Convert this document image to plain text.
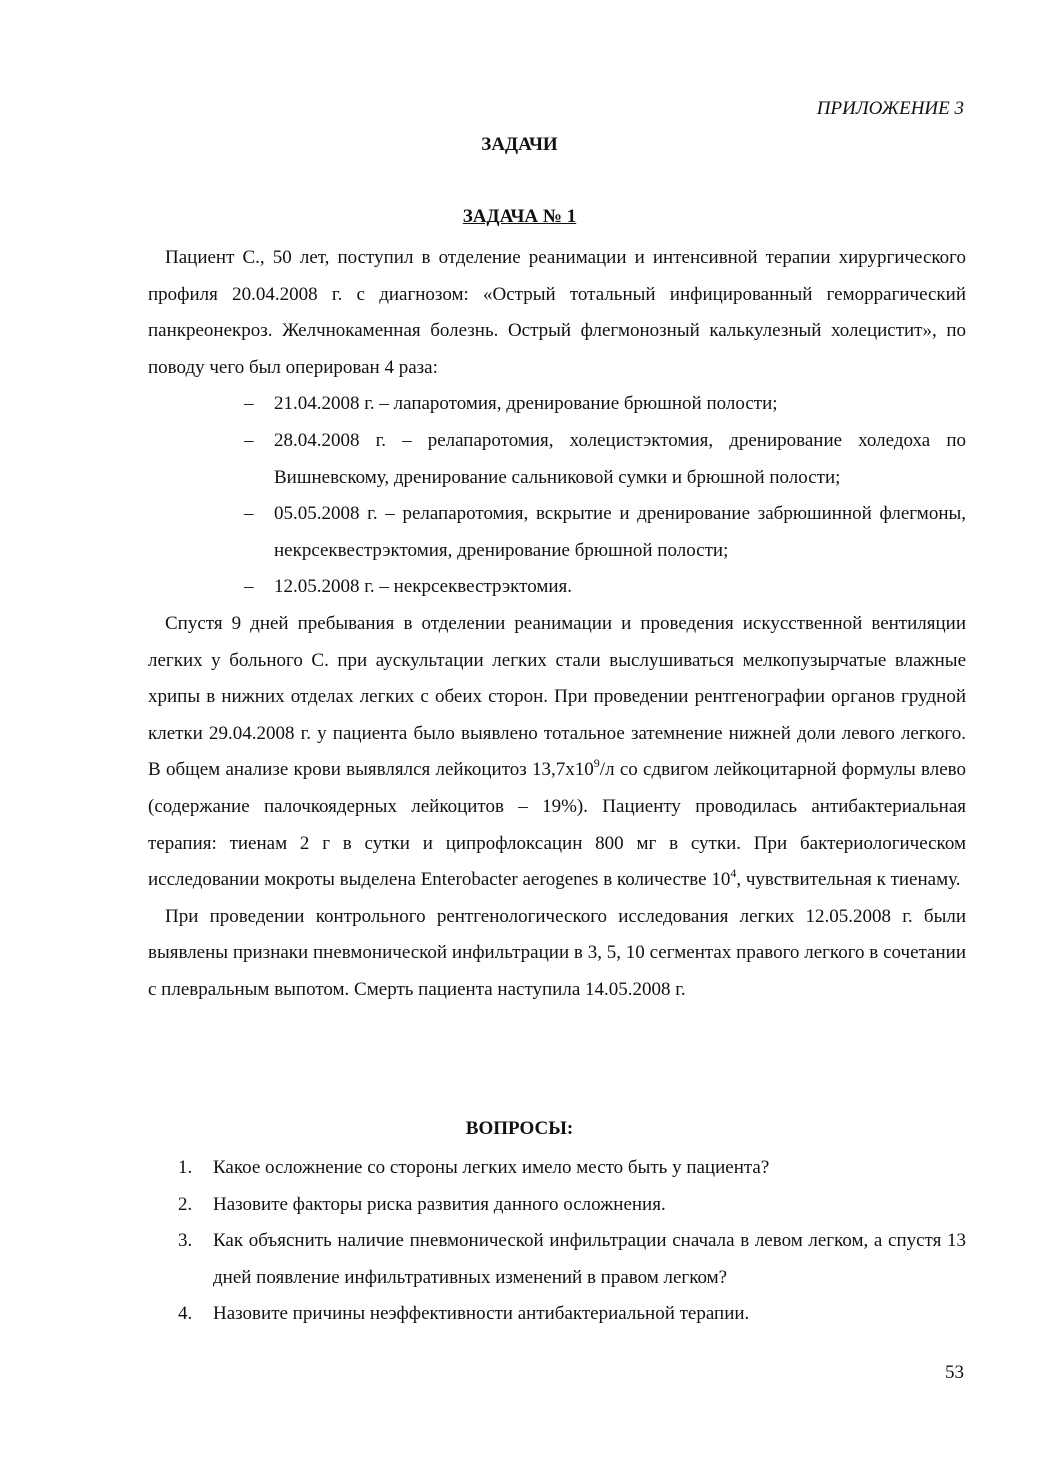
ПРИЛОЖЕНИЕ 3
ЗАДАЧИ
ЗАДАЧА № 1

Пациент С., 50 лет, поступил в отделение реанимации и интенсивной терапии хирургического профиля 20.04.2008 г. с диагнозом: «Острый тотальный инфицированный геморрагический панкреонекроз. Желчнокаменная болезнь. Острый флегмонозный калькулезный холецистит», по поводу чего был оперирован 4 раза:

– 21.04.2008 г. – лапаротомия, дренирование брюшной полости;
– 28.04.2008 г. – релапаротомия, холецистэктомия, дренирование холедоха по Вишневскому, дренирование сальниковой сумки и брюшной полости;
– 05.05.2008 г. – релапаротомия, вскрытие и дренирование забрюшинной флегмоны, некрсеквестрэктомия, дренирование брюшной полости;
– 12.05.2008 г. – некрсеквестрэктомия.

Спустя 9 дней пребывания в отделении реанимации и проведения искусственной вентиляции легких у больного С. при аускультации легких стали выслушиваться мелкопузырчатые влажные хрипы в нижних отделах легких с обеих сторон. При проведении рентгенографии органов грудной клетки 29.04.2008 г. у пациента было выявлено тотальное затемнение нижней доли левого легкого. В общем анализе крови выявлялся лейкоцитоз $13,7х10^9/л$ со сдвигом лейкоцитарной формулы влево (содержание палочкоядерных лейкоцитов – 19%). Пациенту проводилась антибактериальная терапия: тиенам 2 г в сутки и ципрофлоксацин 800 мг в сутки. При бактериологическом исследовании мокроты выделена Enterobacter aerogenes в количестве $10^4$, чувствительная к тиенаму.

При проведении контрольного рентгенологического исследования легких 12.05.2008 г. были выявлены признаки пневмонической инфильтрации в 3, 5, 10 сегментах правого легкого в сочетании с плевральным выпотом. Смерть пациента наступила 14.05.2008 г.

ВОПРОСЫ:
1. Какое осложнение со стороны легких имело место быть у пациента?
2. Назовите факторы риска развития данного осложнения.
3. Как объяснить наличие пневмонической инфильтрации сначала в левом легком, а спустя 13 дней появление инфильтративных изменений в правом легком?
4. Назовите причины неэффективности антибактериальной терапии.
53
